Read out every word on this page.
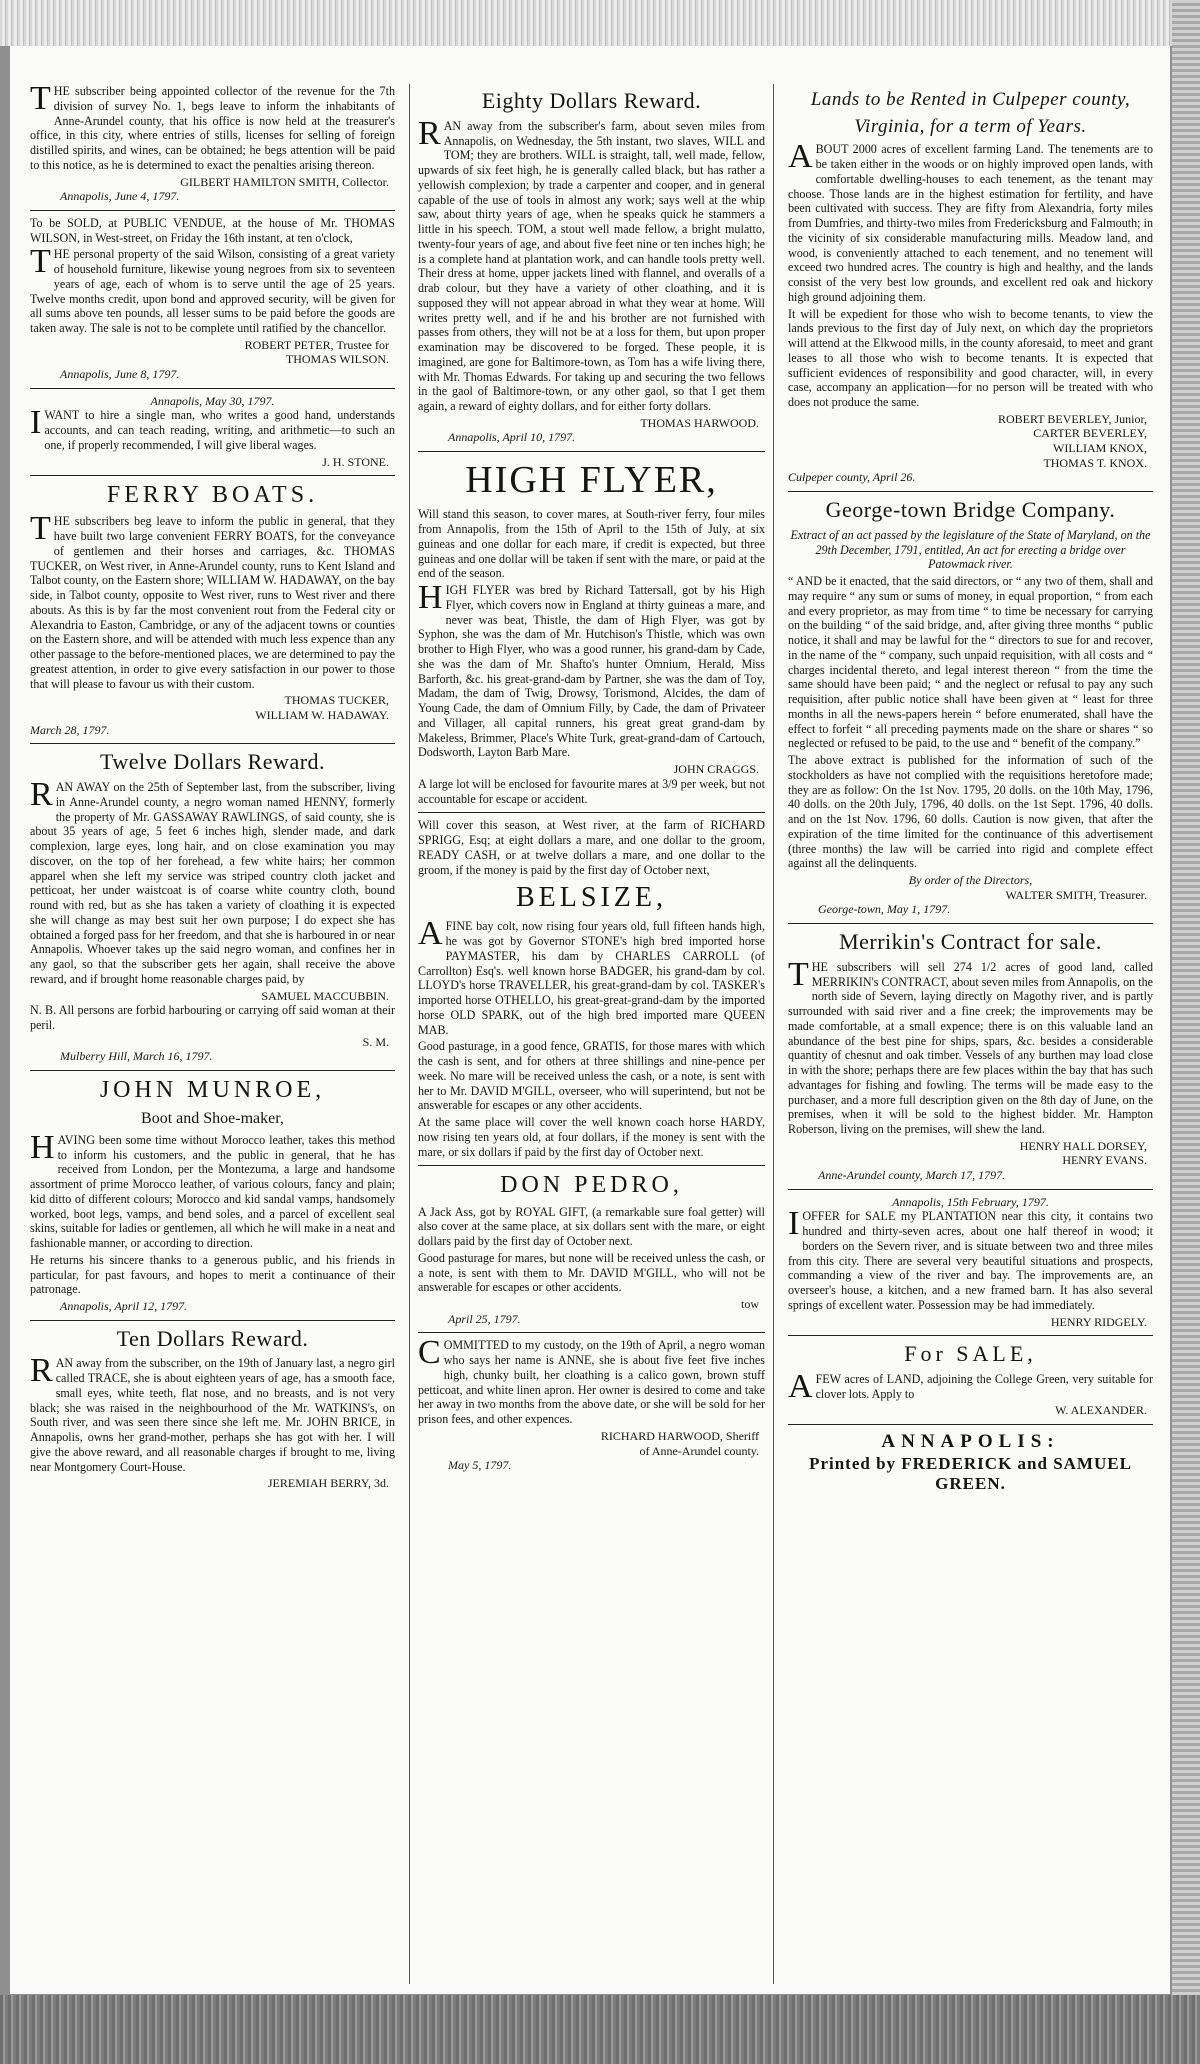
THE subscriber being appointed collector of the revenue for the 7th division of survey No. 1, begs leave to inform the inhabitants of Anne-Arundel county, that his office is now held at the treasurer's office, in this city, where entries of stills, licenses for selling of foreign distilled spirits, and wines, can be obtained; he begs attention will be paid to this notice, as he is determined to exact the penalties arising thereon.

GILBERT HAMILTON SMITH, Collector.
Annapolis, June 4, 1797.

To be SOLD, at PUBLIC VENDUE, at the house of Mr. THOMAS WILSON, in West-street, on Friday the 16th instant, at ten o'clock,

THE personal property of the said Wilson, consisting of a great variety of household furniture, likewise young negroes from six to seventeen years of age, each of whom is to serve until the age of 25 years. Twelve months credit, upon bond and approved security, will be given for all sums above ten pounds, all lesser sums to be paid before the goods are taken away. The sale is not to be complete until ratified by the chancellor.

ROBERT PETER, Trustee for
THOMAS WILSON.
Annapolis, June 8, 1797.
Annapolis, May 30, 1797.

IWANT to hire a single man, who writes a good hand, understands accounts, and can teach reading, writing, and arithmetic—to such an one, if properly recommended, I will give liberal wages.

J. H. STONE.
FERRY BOATS.

THE subscribers beg leave to inform the public in general, that they have built two large convenient FERRY BOATS, for the conveyance of gentlemen and their horses and carriages, &c. THOMAS TUCKER, on West river, in Anne-Arundel county, runs to Kent Island and Talbot county, on the Eastern shore; WILLIAM W. HADAWAY, on the bay side, in Talbot county, opposite to West river, runs to West river and there abouts. As this is by far the most convenient rout from the Federal city or Alexandria to Easton, Cambridge, or any of the adjacent towns or counties on the Eastern shore, and will be attended with much less expence than any other passage to the before-mentioned places, we are determined to pay the greatest attention, in order to give every satisfaction in our power to those that will please to favour us with their custom.

THOMAS TUCKER,
WILLIAM W. HADAWAY.
March 28, 1797.
Twelve Dollars Reward.

RAN AWAY on the 25th of September last, from the subscriber, living in Anne-Arundel county, a negro woman named HENNY, formerly the property of Mr. GASSAWAY RAWLINGS, of said county, she is about 35 years of age, 5 feet 6 inches high, slender made, and dark complexion, large eyes, long hair, and on close examination you may discover, on the top of her forehead, a few white hairs; her common apparel when she left my service was striped country cloth jacket and petticoat, her under waistcoat is of coarse white country cloth, bound round with red, but as she has taken a variety of cloathing it is expected she will change as may best suit her own purpose; I do expect she has obtained a forged pass for her freedom, and that she is harboured in or near Annapolis. Whoever takes up the said negro woman, and confines her in any gaol, so that the subscriber gets her again, shall receive the above reward, and if brought home reasonable charges paid, by

SAMUEL MACCUBBIN.

N. B. All persons are forbid harbouring or carrying off said woman at their peril.

S. M.
Mulberry Hill, March 16, 1797.
JOHN MUNROE,
Boot and Shoe-maker,

HAVING been some time without Morocco leather, takes this method to inform his customers, and the public in general, that he has received from London, per the Montezuma, a large and handsome assortment of prime Morocco leather, of various colours, fancy and plain; kid ditto of different colours; Morocco and kid sandal vamps, handsomely worked, boot legs, vamps, and bend soles, and a parcel of excellent seal skins, suitable for ladies or gentlemen, all which he will make in a neat and fashionable manner, or according to direction.

He returns his sincere thanks to a generous public, and his friends in particular, for past favours, and hopes to merit a continuance of their patronage.

Annapolis, April 12, 1797.
Ten Dollars Reward.

RAN away from the subscriber, on the 19th of January last, a negro girl called TRACE, she is about eighteen years of age, has a smooth face, small eyes, white teeth, flat nose, and no breasts, and is not very black; she was raised in the neighbourhood of the Mr. WATKINS's, on South river, and was seen there since she left me. Mr. JOHN BRICE, in Annapolis, owns her grand-mother, perhaps she has got with her. I will give the above reward, and all reasonable charges if brought to me, living near Montgomery Court-House.

JEREMIAH BERRY, 3d.
Eighty Dollars Reward.

RAN away from the subscriber's farm, about seven miles from Annapolis, on Wednesday, the 5th instant, two slaves, WILL and TOM; they are brothers. WILL is straight, tall, well made, fellow, upwards of six feet high, he is generally called black, but has rather a yellowish complexion; by trade a carpenter and cooper, and in general capable of the use of tools in almost any work; says well at the whip saw, about thirty years of age, when he speaks quick he stammers a little in his speech. TOM, a stout well made fellow, a bright mulatto, twenty-four years of age, and about five feet nine or ten inches high; he is a complete hand at plantation work, and can handle tools pretty well. Their dress at home, upper jackets lined with flannel, and overalls of a drab colour, but they have a variety of other cloathing, and it is supposed they will not appear abroad in what they wear at home. Will writes pretty well, and if he and his brother are not furnished with passes from others, they will not be at a loss for them, but upon proper examination may be discovered to be forged. These people, it is imagined, are gone for Baltimore-town, as Tom has a wife living there, with Mr. Thomas Edwards. For taking up and securing the two fellows in the gaol of Baltimore-town, or any other gaol, so that I get them again, a reward of eighty dollars, and for either forty dollars.

THOMAS HARWOOD.
Annapolis, April 10, 1797.
HIGH FLYER,

Will stand this season, to cover mares, at South-river ferry, four miles from Annapolis, from the 15th of April to the 15th of July, at six guineas and one dollar for each mare, if credit is expected, but three guineas and one dollar will be taken if sent with the mare, or paid at the end of the season.

HIGH FLYER was bred by Richard Tattersall, got by his High Flyer, which covers now in England at thirty guineas a mare, and never was beat, Thistle, the dam of High Flyer, was got by Syphon, she was the dam of Mr. Hutchison's Thistle, which was own brother to High Flyer, who was a good runner, his grand-dam by Cade, she was the dam of Mr. Shafto's hunter Omnium, Herald, Miss Barforth, &c. his great-grand-dam by Partner, she was the dam of Toy, Madam, the dam of Twig, Drowsy, Torismond, Alcides, the dam of Young Cade, the dam of Omnium Filly, by Cade, the dam of Privateer and Villager, all capital runners, his great great grand-dam by Makeless, Brimmer, Place's White Turk, great-grand-dam of Cartouch, Dodsworth, Layton Barb Mare.

JOHN CRAGGS.

A large lot will be enclosed for favourite mares at 3/9 per week, but not accountable for escape or accident.

Will cover this season, at West river, at the farm of RICHARD SPRIGG, Esq; at eight dollars a mare, and one dollar to the groom, READY CASH, or at twelve dollars a mare, and one dollar to the groom, if the money is paid by the first day of October next,

BELSIZE,

AFINE bay colt, now rising four years old, full fifteen hands high, he was got by Governor STONE's high bred imported horse PAYMASTER, his dam by CHARLES CARROLL (of Carrollton) Esq's. well known horse BADGER, his grand-dam by col. LLOYD's horse TRAVELLER, his great-grand-dam by col. TASKER's imported horse OTHELLO, his great-great-grand-dam by the imported horse OLD SPARK, out of the high bred imported mare QUEEN MAB.

Good pasturage, in a good fence, GRATIS, for those mares with which the cash is sent, and for others at three shillings and nine-pence per week. No mare will be received unless the cash, or a note, is sent with her to Mr. DAVID M'GILL, overseer, who will superintend, but not be answerable for escapes or any other accidents.

At the same place will cover the well known coach horse HARDY, now rising ten years old, at four dollars, if the money is sent with the mare, or six dollars if paid by the first day of October next.

DON PEDRO,

A Jack Ass, got by ROYAL GIFT, (a remarkable sure foal getter) will also cover at the same place, at six dollars sent with the mare, or eight dollars paid by the first day of October next.

Good pasturage for mares, but none will be received unless the cash, or a note, is sent with them to Mr. DAVID M'GILL, who will not be answerable for escapes or other accidents.

tow
April 25, 1797.

COMMITTED to my custody, on the 19th of April, a negro woman who says her name is ANNE, she is about five feet five inches high, chunky built, her cloathing is a calico gown, brown stuff petticoat, and white linen apron. Her owner is desired to come and take her away in two months from the above date, or she will be sold for her prison fees, and other expences.

RICHARD HARWOOD, Sheriff
of Anne-Arundel county.
May 5, 1797.
Lands to be Rented in Culpeper county,
Virginia, for a term of Years.

ABOUT 2000 acres of excellent farming Land. The tenements are to be taken either in the woods or on highly improved open lands, with comfortable dwelling-houses to each tenement, as the tenant may choose. Those lands are in the highest estimation for fertility, and have been cultivated with success. They are fifty from Alexandria, forty miles from Dumfries, and thirty-two miles from Fredericksburg and Falmouth; in the vicinity of six considerable manufacturing mills. Meadow land, and wood, is conveniently attached to each tenement, and no tenement will exceed two hundred acres. The country is high and healthy, and the lands consist of the very best low grounds, and excellent red oak and hickory high ground adjoining them.

It will be expedient for those who wish to become tenants, to view the lands previous to the first day of July next, on which day the proprietors will attend at the Elkwood mills, in the county aforesaid, to meet and grant leases to all those who wish to become tenants. It is expected that sufficient evidences of responsibility and good character, will, in every case, accompany an application—for no person will be treated with who does not produce the same.

ROBERT BEVERLEY, Junior,
CARTER BEVERLEY,
WILLIAM KNOX,
THOMAS T. KNOX.
Culpeper county, April 26.
George-town Bridge Company.

Extract of an act passed by the legislature of the State of Maryland, on the 29th December, 1791, entitled, An act for erecting a bridge over Patowmack river.

“ AND be it enacted, that the said directors, or “ any two of them, shall and may require “ any sum or sums of money, in equal proportion, “ from each and every proprietor, as may from time “ to time be necessary for carrying on the building “ of the said bridge, and, after giving three months “ public notice, it shall and may be lawful for the “ directors to sue for and recover, in the name of the “ company, such unpaid requisition, with all costs and “ charges incidental thereto, and legal interest thereon “ from the time the same should have been paid; “ and the neglect or refusal to pay any such requisition, after public notice shall have been given at “ least for three months in all the news-papers herein “ before enumerated, shall have the effect to forfeit “ all preceding payments made on the share or shares “ so neglected or refused to be paid, to the use and “ benefit of the company.”

The above extract is published for the information of such of the stockholders as have not complied with the requisitions heretofore made; they are as follow: On the 1st Nov. 1795, 20 dolls. on the 10th May, 1796, 40 dolls. on the 20th July, 1796, 40 dolls. on the 1st Sept. 1796, 40 dolls. and on the 1st Nov. 1796, 60 dolls. Caution is now given, that after the expiration of the time limited for the continuance of this advertisement (three months) the law will be carried into rigid and complete effect against all the delinquents.

By order of the Directors,
WALTER SMITH, Treasurer.
George-town, May 1, 1797.
Merrikin's Contract for sale.

THE subscribers will sell 274 1/2 acres of good land, called MERRIKIN's CONTRACT, about seven miles from Annapolis, on the north side of Severn, laying directly on Magothy river, and is partly surrounded with said river and a fine creek; the improvements may be made comfortable, at a small expence; there is on this valuable land an abundance of the best pine for ships, spars, &c. besides a considerable quantity of chesnut and oak timber. Vessels of any burthen may load close in with the shore; perhaps there are few places within the bay that has such advantages for fishing and fowling. The terms will be made easy to the purchaser, and a more full description given on the 8th day of June, on the premises, when it will be sold to the highest bidder. Mr. Hampton Roberson, living on the premises, will shew the land.

HENRY HALL DORSEY,
HENRY EVANS.
Anne-Arundel county, March 17, 1797.
Annapolis, 15th February, 1797.

IOFFER for SALE my PLANTATION near this city, it contains two hundred and thirty-seven acres, about one half thereof in wood; it borders on the Severn river, and is situate between two and three miles from this city. There are several very beautiful situations and prospects, commanding a view of the river and bay. The improvements are, an overseer's house, a kitchen, and a new framed barn. It has also several springs of excellent water. Possession may be had immediately.

HENRY RIDGELY.
For SALE,

AFEW acres of LAND, adjoining the College Green, very suitable for clover lots. Apply to

W. ALEXANDER.
ANNAPOLIS:
Printed by FREDERICK and SAMUEL
GREEN.
